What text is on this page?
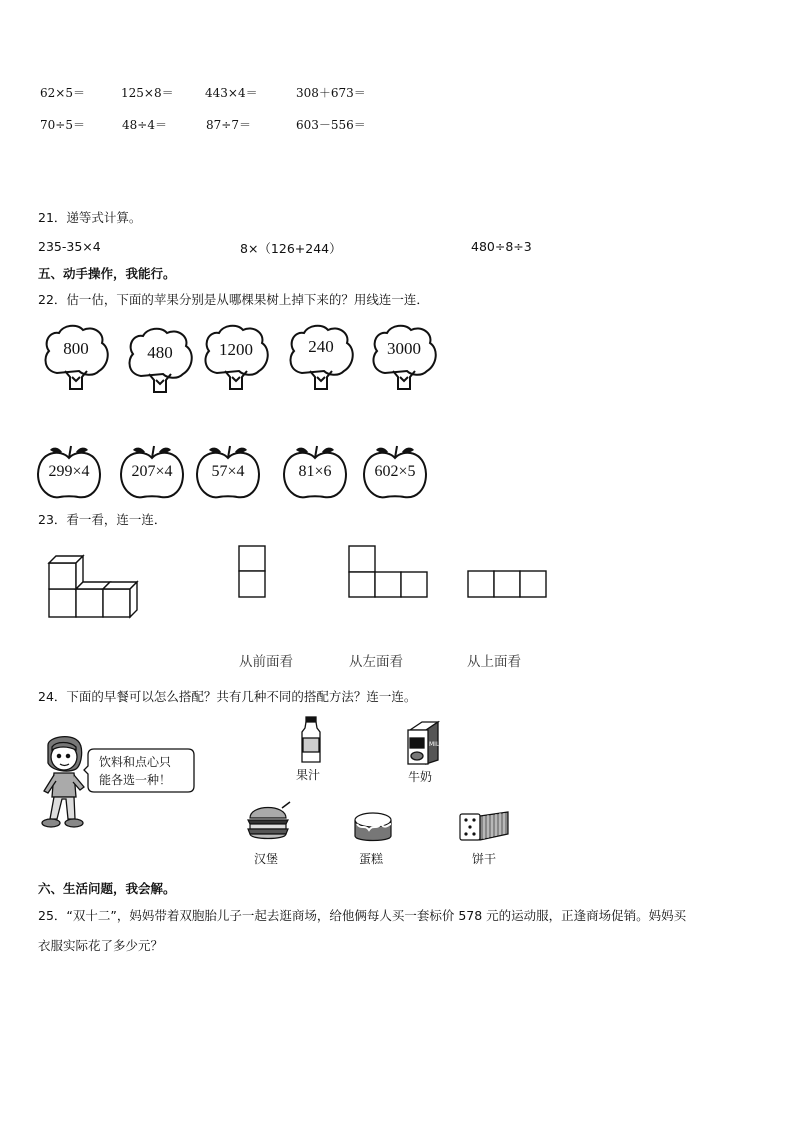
62×5＝	125×8＝	443×4＝	308＋673＝
70÷5＝	48÷4＝	87÷7＝	603－556＝
21．递等式计算。
235-35×4	8×（126+244）	480÷8÷3
五、动手操作，我能行。
22．估一估，下面的苹果分别是从哪棵果树上掉下来的？用线连一连．
800	480	1200	240	3000
299×4	207×4	57×4	81×6	602×5
23．看一看，连一连．
从前面看	从左面看	从上面看
24．下面的早餐可以怎么搭配？共有几种不同的搭配方法？连一连。
饮料和点心只
能各选一种！	果汁
MILK
牛奶
汉堡	蛋糕	饼干
六、生活问题，我会解。
25．“双十二”，妈妈带着双胞胎儿子一起去逛商场，给他俩每人买一套标价 578 元的运动服，正逢商场促销。妈妈买
衣服实际花了多少元？
